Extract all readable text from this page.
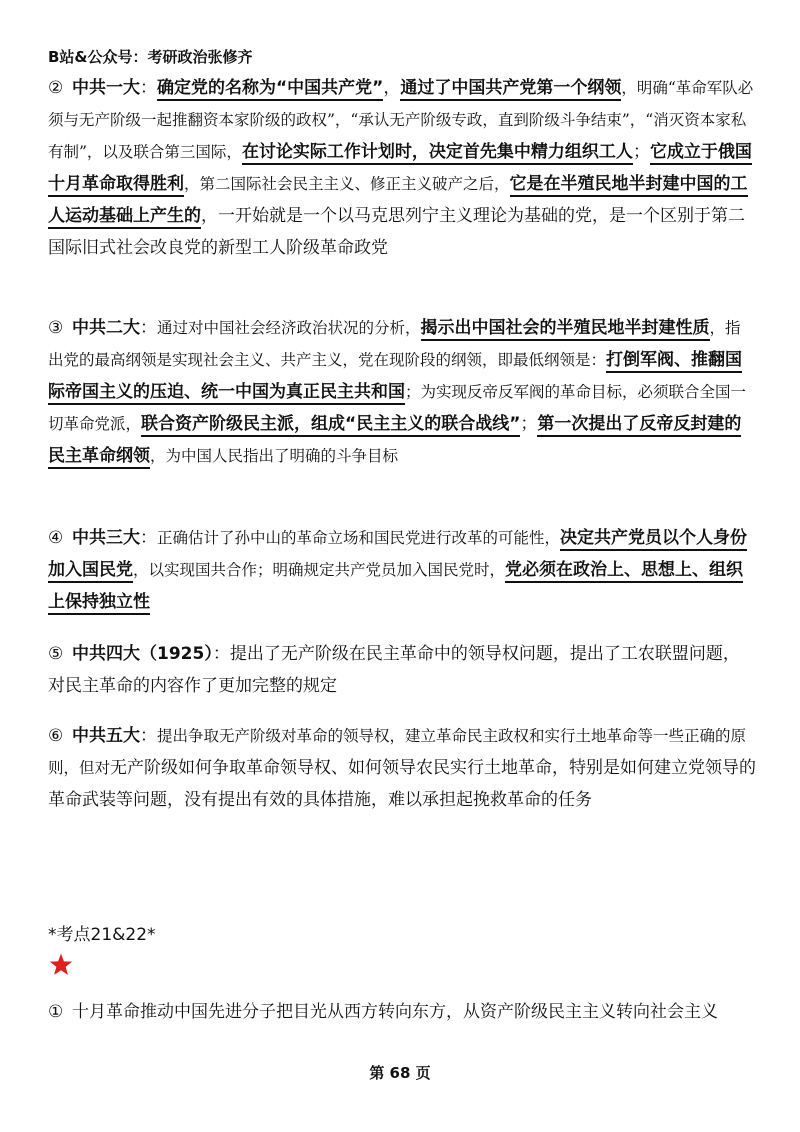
B站&公众号：考研政治张修齐
② 中共一大：确定党的名称为“中国共产党”，通过了中国共产党第一个纲领，明确“革命军队必须与无产阶级一起推翻资本家阶级的政权”，“承认无产阶级专政，直到阶级斗争结束”，“消灭资本家私有制”，以及联合第三国际，在讨论实际工作计划时，决定首先集中精力组织工人；它成立于俄国十月革命取得胜利，第二国际社会民主主义、修正主义破产之后，它是在半殖民地半封建中国的工人运动基础上产生的，一开始就是一个以马克思列宁主义理论为基础的党，是一个区别于第二国际旧式社会改良党的新型工人阶级革命政党
③ 中共二大：通过对中国社会经济政治状况的分析，揭示出中国社会的半殖民地半封建性质，指出党的最高纲领是实现社会主义、共产主义，党在现阶段的纲领，即最低纲领是：打倒军阀、推翻国际帝国主义的压迫、统一中国为真正民主共和国；为实现反帝反军阀的革命目标，必须联合全国一切革命党派，联合资产阶级民主派，组成“民主主义的联合战线”；第一次提出了反帝反封建的民主革命纲领，为中国人民指出了明确的斗争目标
④ 中共三大：正确估计了孙中山的革命立场和国民党进行改革的可能性，决定共产党员以个人身份加入国民党，以实现国共合作；明确规定共产党员加入国民党时，党必须在政治上、思想上、组织上保持独立性
⑤ 中共四大（1925）：提出了无产阶级在民主革命中的领导权问题，提出了工农联盟问题，对民主革命的内容作了更加完整的规定
⑥ 中共五大：提出争取无产阶级对革命的领导权，建立革命民主政权和实行土地革命等一些正确的原则，但对无产阶级如何争取革命领导权、如何领导农民实行土地革命，特别是如何建立党领导的革命武装等问题，没有提出有效的具体措施，难以承担起挽救革命的任务
*考点21&22*
① 十月革命推动中国先进分子把目光从西方转向东方，从资产阶级民主主义转向社会主义
第 68 页
